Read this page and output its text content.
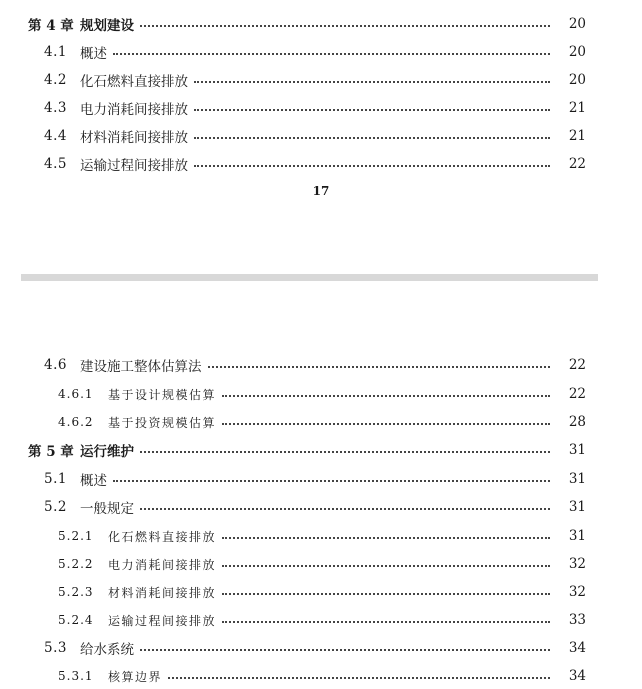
第 4 章 规划建设	20
4.1 概述	20
4.2 化石燃料直接排放	20
4.3 电力消耗间接排放	21
4.4 材料消耗间接排放	21
4.5 运输过程间接排放	22
17
4.6 建设施工整体估算法	22
4.6.1	基于设计规模估算	22
4.6.2	基于投资规模估算	28
第 5 章 运行维护	31
5.1 概述	31
5.2 一般规定	31
5.2.1	化石燃料直接排放	31
5.2.2	电力消耗间接排放	32
5.2.3	材料消耗间接排放	32
5.2.4	运输过程间接排放	33
5.3 给水系统	34
5.3.1	核算边界	34
